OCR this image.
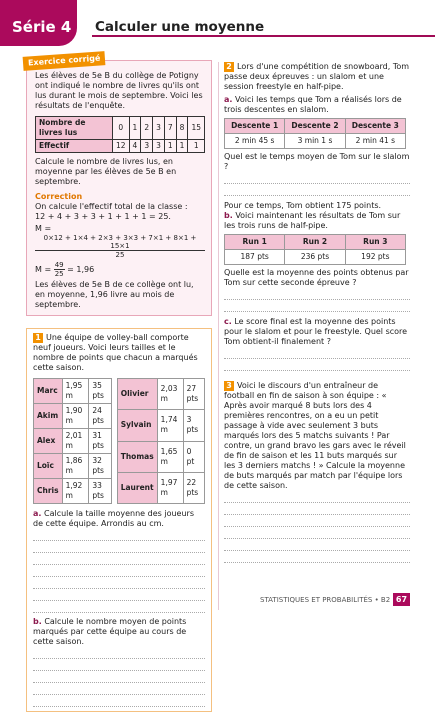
Série 4	Calculer une moyenne
Exercice corrigé

Les élèves de 5e B du collège de Potigny ont indiqué le nombre de livres qu'ils ont lus durant le mois de septembre. Voici les résultats de l'enquête.

Nombre de livres lus	0	1	2	3	7	8	15
Effectif	12	4	3	3	1	1	1

Calcule le nombre de livres lus, en moyenne par les élèves de 5e B en septembre.

Correction

On calcule l'effectif total de la classe :

12 + 4 + 3 + 3 + 1 + 1 + 1 = 25.

M =
$\frac{0\times 12 + 1\times 4 + 2\times 3 + 3\times 3 + 7\times 1 + 8\times 1 + 15\times 1}{25}$

$M = \frac{49}{25} = 1,96$

Les élèves de 5e B de ce collège ont lu, en moyenne, 1,96 livre au mois de septembre.

1 Une équipe de volley-ball comporte neuf joueurs. Voici leurs tailles et le nombre de points que chacun a marqués cette saison.

Marc	1,95 m	35 pts
Akim	1,90 m	24 pts
Alex	2,01 m	31 pts
Loïc	1,86 m	32 pts
Chris	1,92 m	33 pts
Olivier	2,03 m	27 pts
Sylvain	1,74 m	3 pts
Thomas	1,65 m	0 pt
Laurent	1,97 m	22 pts

a. Calcule la taille moyenne des joueurs de cette équipe. Arrondis au cm.

b. Calcule le nombre moyen de points marqués par cette équipe au cours de cette saison.

2 Lors d'une compétition de snowboard, Tom passe deux épreuves : un slalom et une session freestyle en half-pipe.

a. Voici les temps que Tom a réalisés lors de trois descentes en slalom.

Descente 1	Descente 2	Descente 3
2 min 45 s	3 min 1 s	2 min 41 s

Quel est le temps moyen de Tom sur le slalom ?

Pour ce temps, Tom obtient 175 points.

b. Voici maintenant les résultats de Tom sur les trois runs de half-pipe.

Run 1	Run 2	Run 3
187 pts	236 pts	192 pts

Quelle est la moyenne des points obtenus par Tom sur cette seconde épreuve ?

c. Le score final est la moyenne des points pour le slalom et pour le freestyle. Quel score Tom obtient-il finalement ?

3 Voici le discours d'un entraîneur de football en fin de saison à son équipe : « Après avoir marqué 8 buts lors des 4 premières rencontres, on a eu un petit passage à vide avec seulement 3 buts marqués lors des 5 matchs suivants ! Par contre, un grand bravo les gars avec le réveil de fin de saison et les 11 buts marqués sur les 3 derniers matchs ! » Calcule la moyenne de buts marqués par match par l'équipe lors de cette saison.

STATISTIQUES ET PROBABILITÉS • B2 67
